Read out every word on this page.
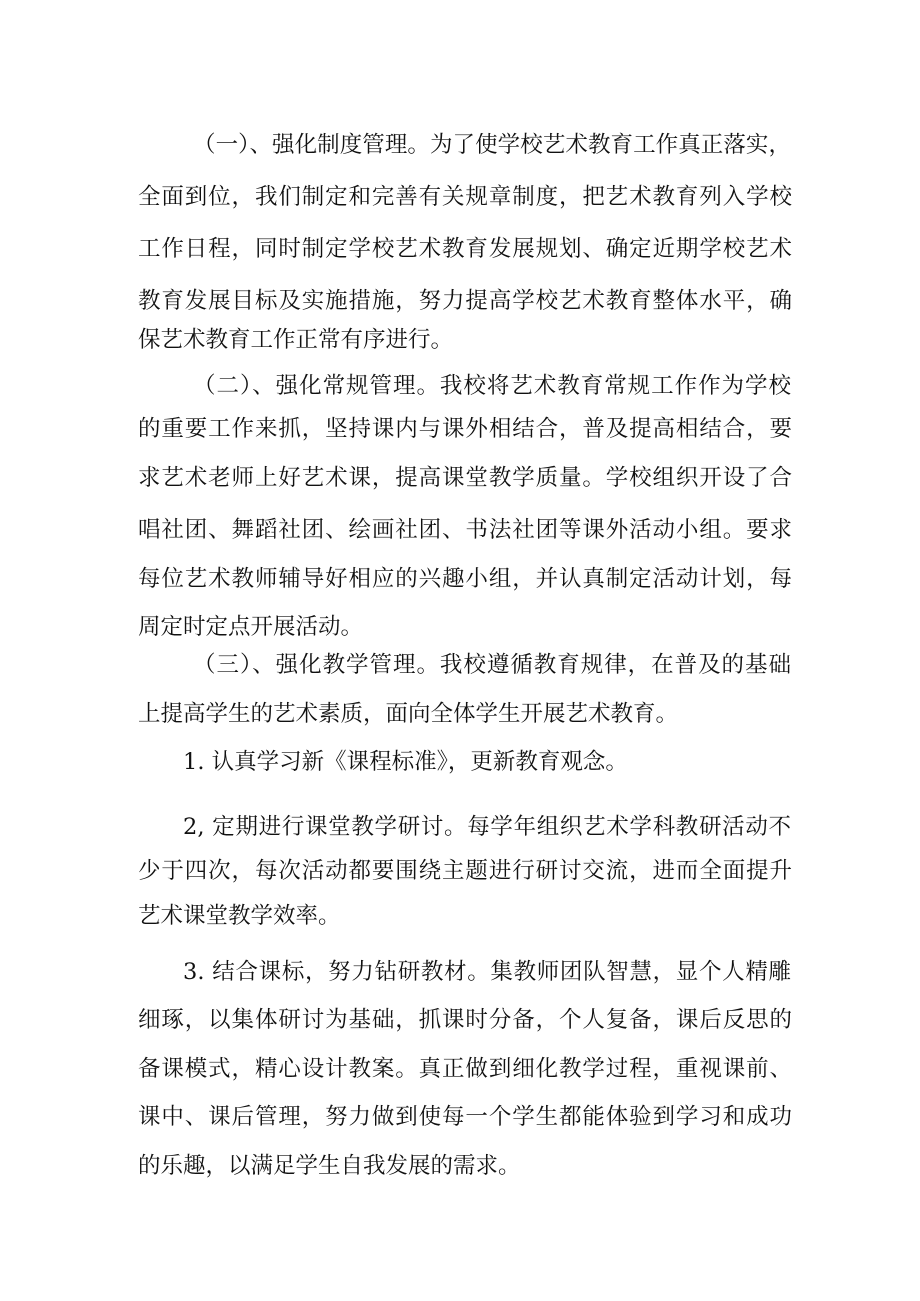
（一）、强化制度管理。为了使学校艺术教育工作真正落实，
全面到位，我们制定和完善有关规章制度，把艺术教育列入学校
工作日程，同时制定学校艺术教育发展规划、确定近期学校艺术
教育发展目标及实施措施，努力提高学校艺术教育整体水平，确
保艺术教育工作正常有序进行。
（二）、强化常规管理。我校将艺术教育常规工作作为学校
的重要工作来抓，坚持课内与课外相结合，普及提高相结合，要
求艺术老师上好艺术课，提高课堂教学质量。学校组织开设了合
唱社团、舞蹈社团、绘画社团、书法社团等课外活动小组。要求
每位艺术教师辅导好相应的兴趣小组，并认真制定活动计划，每
周定时定点开展活动。
（三）、强化教学管理。我校遵循教育规律，在普及的基础
上提高学生的艺术素质，面向全体学生开展艺术教育。
1. 认真学习新《课程标准》，更新教育观念。
2, 定期进行课堂教学研讨。每学年组织艺术学科教研活动不
少于四次，每次活动都要围绕主题进行研讨交流，进而全面提升
艺术课堂教学效率。
3. 结合课标，努力钻研教材。集教师团队智慧，显个人精雕
细琢，以集体研讨为基础，抓课时分备，个人复备，课后反思的
备课模式，精心设计教案。真正做到细化教学过程，重视课前、
课中、课后管理，努力做到使每一个学生都能体验到学习和成功
的乐趣，以满足学生自我发展的需求。
